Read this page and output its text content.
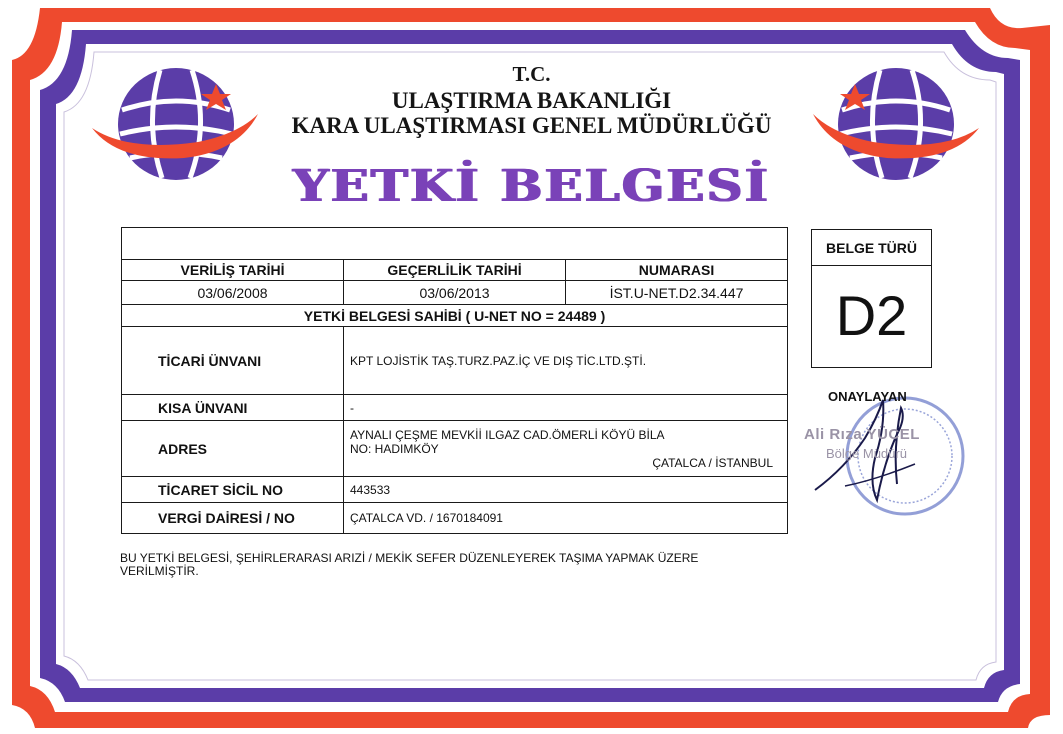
T.C.
ULAŞTIRMA BAKANLIĞI
KARA ULAŞTIRMASI GENEL MÜDÜRLÜĞÜ
YETKİ BELGESİ

VERİLİŞ TARİHİ	GEÇERLİLİK TARİHİ	NUMARASI
03/06/2008	03/06/2013	İST.U-NET.D2.34.447
YETKİ BELGESİ SAHİBİ ( U-NET NO = 24489 )		
TİCARİ ÜNVANI	KPT LOJİSTİK TAŞ.TURZ.PAZ.İÇ VE DIŞ TİC.LTD.ŞTİ.	
KISA ÜNVANI	-	
ADRES	AYNALI ÇEŞME MEVKİİ ILGAZ CAD.ÖMERLİ KÖYÜ BİLA
NO: HADIMKÖY
ÇATALCA / İSTANBUL	

TİCARET SİCİL NO	443533	
VERGİ DAİRESİ / NO	ÇATALCA VD. / 1670184091	
BELGE TÜRÜ
D2
ONAYLAYAN
Ali Rıza YÜCEL
Bölge Müdürü
BU YETKİ BELGESİ, ŞEHİRLERARASI ARIZİ / MEKİK SEFER DÜZENLEYEREK TAŞIMA YAPMAK ÜZERE VERİLMİŞTİR.
